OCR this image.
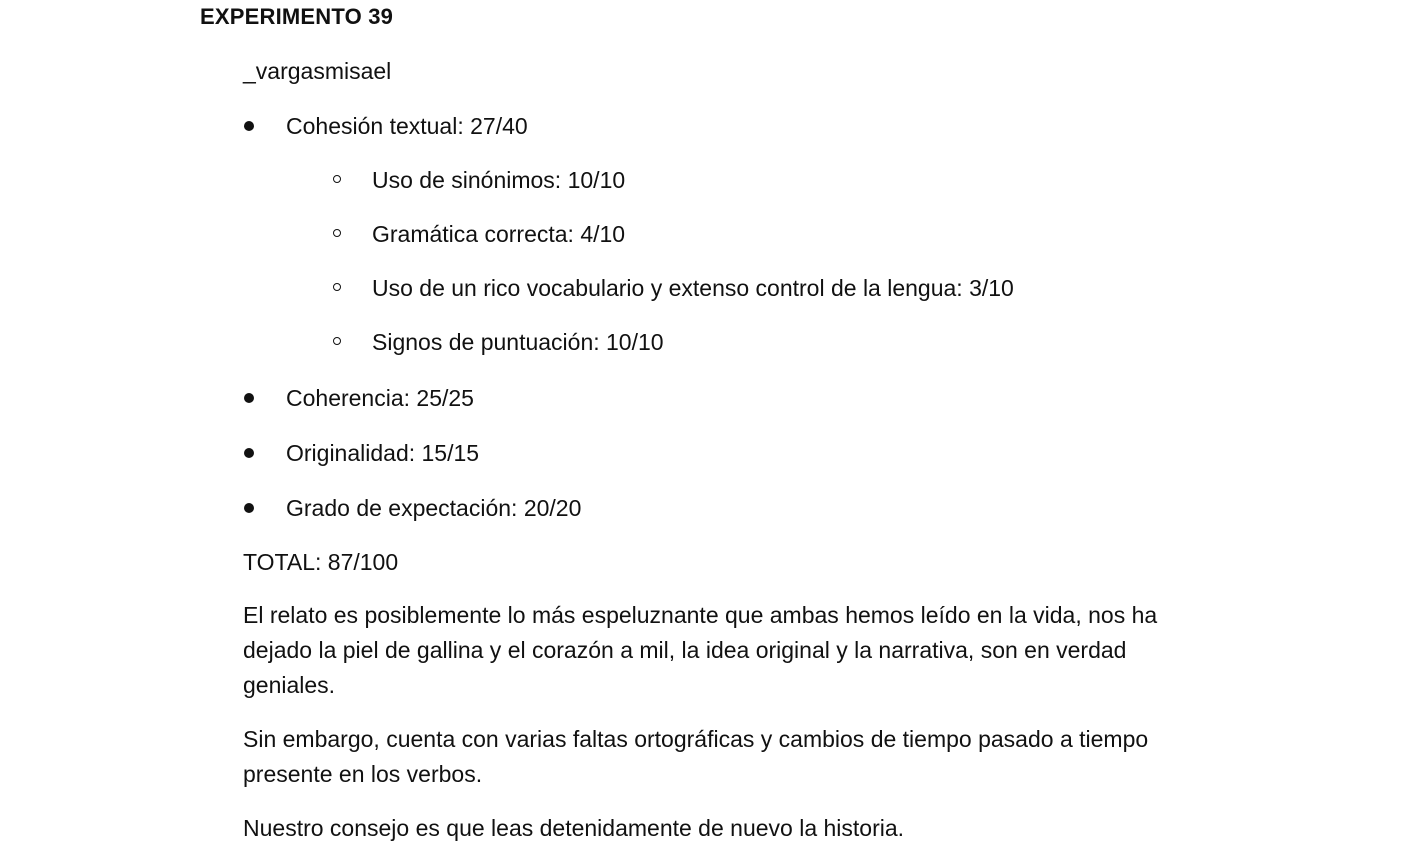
EXPERIMENTO 39
_vargasmisael
Cohesión textual: 27/40
Uso de sinónimos: 10/10
Gramática correcta: 4/10
Uso de un rico vocabulario y extenso control de la lengua: 3/10
Signos de puntuación: 10/10
Coherencia: 25/25
Originalidad: 15/15
Grado de expectación: 20/20
TOTAL: 87/100
El relato es posiblemente lo más espeluznante que ambas hemos leído en la vida, nos ha dejado la piel de gallina y el corazón a mil, la idea original y la narrativa, son en verdad geniales.
Sin embargo, cuenta con varias faltas ortográficas y cambios de tiempo pasado a tiempo presente en los verbos.
Nuestro consejo es que leas detenidamente de nuevo la historia.
